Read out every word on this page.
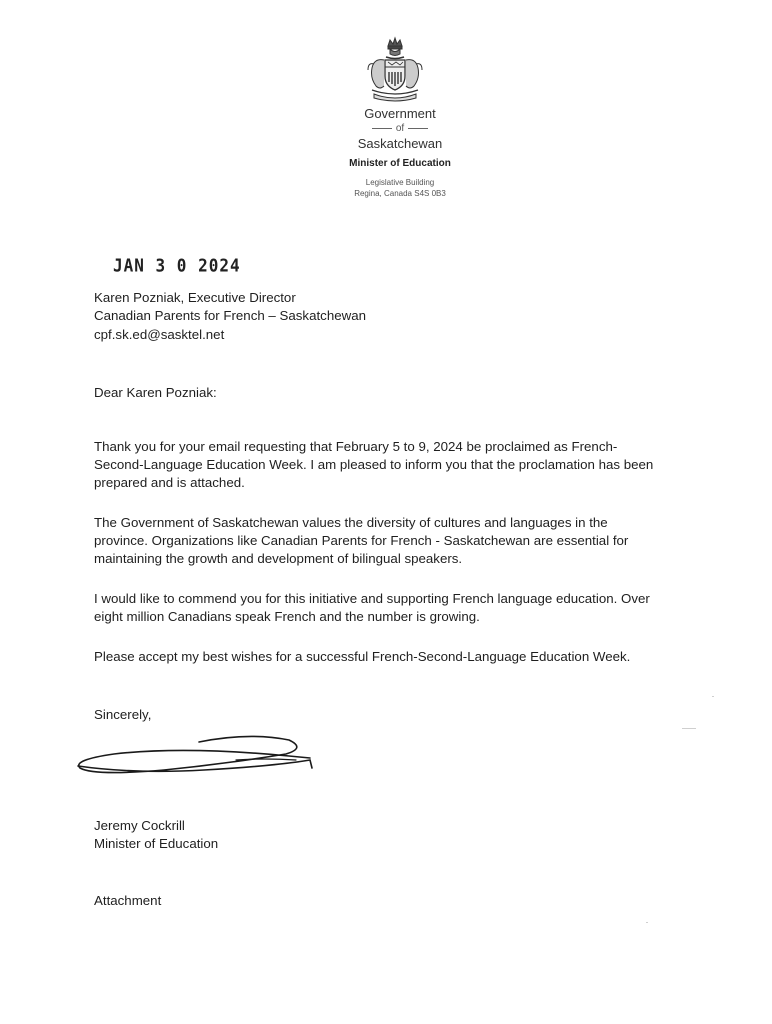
Government
of
Saskatchewan
Minister of Education
Legislative Building
Regina, Canada S4S 0B3
JAN 3 0 2024
Karen Pozniak, Executive Director
Canadian Parents for French – Saskatchewan
cpf.sk.ed@sasktel.net
Dear Karen Pozniak:
Thank you for your email requesting that February 5 to 9, 2024 be proclaimed as French-
Second-Language Education Week. I am pleased to inform you that the proclamation has been
prepared and is attached.
The Government of Saskatchewan values the diversity of cultures and languages in the
province. Organizations like Canadian Parents for French - Saskatchewan are essential for
maintaining the growth and development of bilingual speakers.
I would like to commend you for this initiative and supporting French language education. Over
eight million Canadians speak French and the number is growing.
Please accept my best wishes for a successful French-Second-Language Education Week.
Sincerely,
Jeremy Cockrill
Minister of Education
Attachment
